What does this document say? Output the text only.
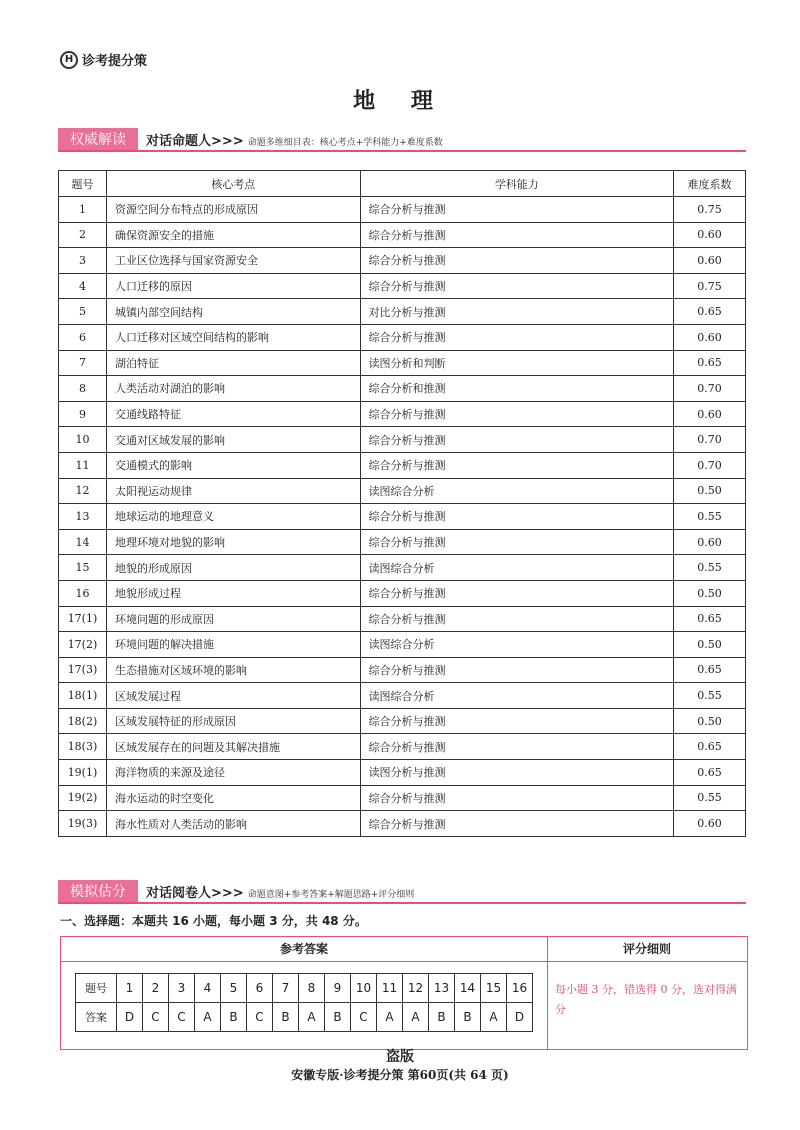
H 诊考提分策
地 理
权威解读	对话命题人>>> 命题多维细目表：核心考点+学科能力+难度系数
题号	核心考点	学科能力	难度系数
1	资源空间分布特点的形成原因	综合分析与推测	0.75
2	确保资源安全的措施	综合分析与推测	0.60
3	工业区位选择与国家资源安全	综合分析与推测	0.60
4	人口迁移的原因	综合分析与推测	0.75
5	城镇内部空间结构	对比分析与推测	0.65
6	人口迁移对区域空间结构的影响	综合分析与推测	0.60
7	湖泊特征	读图分析和判断	0.65
8	人类活动对湖泊的影响	综合分析和推测	0.70
9	交通线路特征	综合分析与推测	0.60
10	交通对区域发展的影响	综合分析与推测	0.70
11	交通模式的影响	综合分析与推测	0.70
12	太阳视运动规律	读图综合分析	0.50
13	地球运动的地理意义	综合分析与推测	0.55
14	地理环境对地貌的影响	综合分析与推测	0.60
15	地貌的形成原因	读图综合分析	0.55
16	地貌形成过程	综合分析与推测	0.50
17(1)	环境问题的形成原因	综合分析与推测	0.65
17(2)	环境问题的解决措施	读图综合分析	0.50
17(3)	生态措施对区域环境的影响	综合分析与推测	0.65
18(1)	区域发展过程	读图综合分析	0.55
18(2)	区域发展特征的形成原因	综合分析与推测	0.50
18(3)	区域发展存在的问题及其解决措施	综合分析与推测	0.65
19(1)	海洋物质的来源及途径	读图分析与推测	0.65
19(2)	海水运动的时空变化	综合分析与推测	0.55
19(3)	海水性质对人类活动的影响	综合分析与推测	0.60
模拟估分	对话阅卷人>>> 命题意图+参考答案+解题思路+评分细则
一、选择题：本题共 16 小题，每小题 3 分，共 48 分。
参考答案
题号	1	2	3	4	5	6	7	8	9	10	11	12	13	14	15	16
答案	D	C	C	A	B	C	B	A	B	C	A	A	B	B	A	D
评分细则
每小题 3 分，错选得 0 分，选对得满分
盗版
安徽专版·诊考提分策 第60页(共 64 页)
